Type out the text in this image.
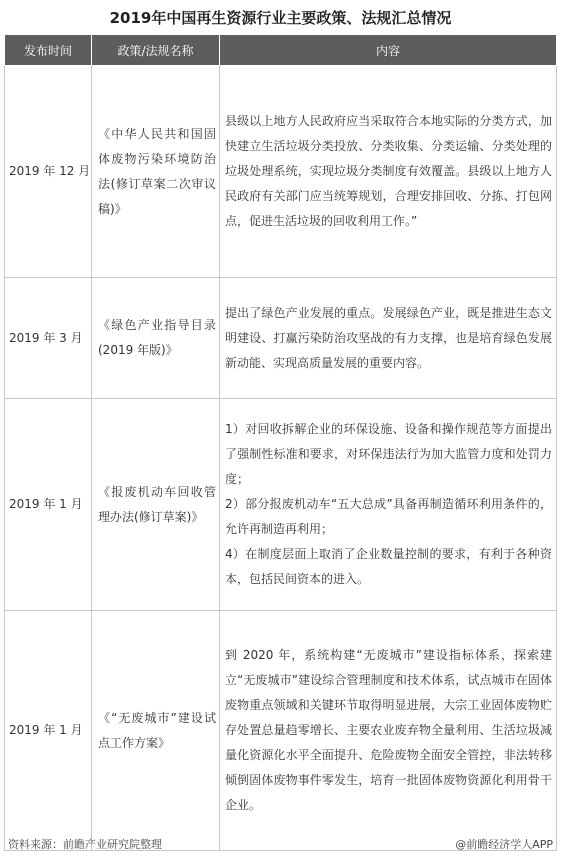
2019年中国再生资源行业主要政策、法规汇总情况
发布时间	政策/法规名称	内容
2019 年 12 月	《中华人民共和国固体废物污染环境防治法(修订草案二次审议稿)》	县级以上地方人民政府应当采取符合本地实际的分类方式，加快建立生活垃圾分类投放、分类收集、分类运输、分类处理的垃圾处理系统，实现垃圾分类制度有效覆盖。县级以上地方人民政府有关部门应当统筹规划，合理安排回收、分拣、打包网点，促进生活垃圾的回收利用工作。”
2019 年 3 月	《绿色产业指导目录(2019 年版)》	提出了绿色产业发展的重点。发展绿色产业，既是推进生态文明建设、打赢污染防治攻坚战的有力支撑，也是培育绿色发展新动能、实现高质量发展的重要内容。
2019 年 1 月	《报废机动车回收管理办法(修订草案)》	1）对回收拆解企业的环保设施、设备和操作规范等方面提出了强制性标准和要求，对环保违法行为加大监管力度和处罚力度；
2）部分报废机动车“五大总成”具备再制造循环利用条件的，允许再制造再利用；
4）在制度层面上取消了企业数量控制的要求，有利于各种资本，包括民间资本的进入。

2019 年 1 月	《“无废城市”建设试点工作方案》	到 2020 年，系统构建“无废城市”建设指标体系，探索建立“无废城市”建设综合管理制度和技术体系，试点城市在固体废物重点领域和关键环节取得明显进展，大宗工业固体废物贮存处置总量趋零增长、主要农业废弃物全量利用、生活垃圾减量化资源化水平全面提升、危险废物全面安全管控，非法转移倾倒固体废物事件零发生，培育一批固体废物资源化利用骨干企业。
资料来源：前瞻产业研究院整理	@前瞻经济学人APP
